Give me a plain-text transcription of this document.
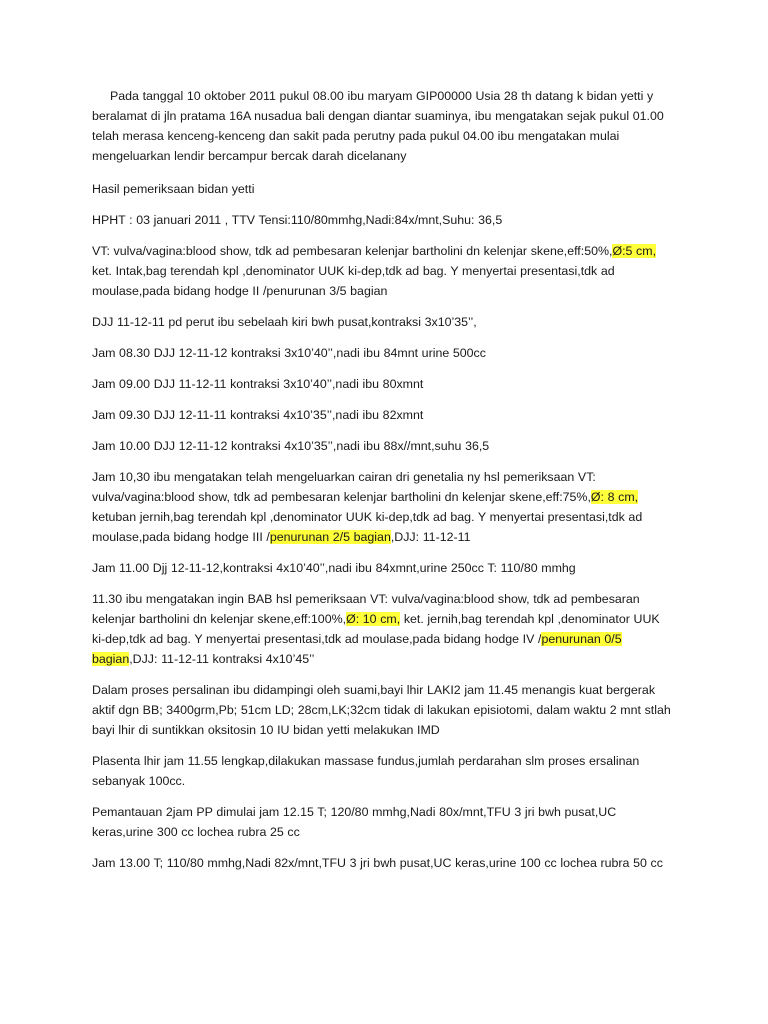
Pada tanggal 10 oktober 2011 pukul 08.00 ibu maryam GIP00000 Usia 28 th datang k bidan yetti y beralamat di jln pratama 16A nusadua bali dengan diantar suaminya, ibu mengatakan sejak pukul 01.00 telah merasa kenceng-kenceng dan sakit pada perutny pada pukul 04.00 ibu mengatakan mulai mengeluarkan lendir bercampur bercak darah dicelanany

Hasil pemeriksaan bidan yetti

HPHT : 03 januari 2011 , TTV Tensi:110/80mmhg,Nadi:84x/mnt,Suhu: 36,5

VT: vulva/vagina:blood show, tdk ad pembesaran kelenjar bartholini dn kelenjar skene,eff:50%,Ø:5 cm, ket. Intak,bag terendah kpl ,denominator UUK ki-dep,tdk ad bag. Y menyertai presentasi,tdk ad moulase,pada bidang hodge II /penurunan 3/5 bagian

DJJ 11-12-11 pd perut ibu sebelaah kiri bwh pusat,kontraksi 3x10’35’’,

Jam 08.30 DJJ 12-11-12 kontraksi 3x10’40’’,nadi ibu 84mnt urine 500cc

Jam 09.00 DJJ 11-12-11 kontraksi 3x10’40’’,nadi ibu 80xmnt

Jam 09.30 DJJ 12-11-11 kontraksi 4x10’35’’,nadi ibu 82xmnt

Jam 10.00 DJJ 12-11-12 kontraksi 4x10’35’’,nadi ibu 88x//mnt,suhu 36,5

Jam 10,30 ibu mengatakan telah mengeluarkan cairan dri genetalia ny hsl pemeriksaan VT: vulva/vagina:blood show, tdk ad pembesaran kelenjar bartholini dn kelenjar skene,eff:75%,Ø: 8 cm, ketuban jernih,bag terendah kpl ,denominator UUK ki-dep,tdk ad bag. Y menyertai presentasi,tdk ad moulase,pada bidang hodge III /penurunan 2/5 bagian,DJJ: 11-12-11

Jam 11.00 Djj 12-11-12,kontraksi 4x10’40’’,nadi ibu 84xmnt,urine 250cc T: 110/80 mmhg

11.30 ibu mengatakan ingin BAB hsl pemeriksaan VT: vulva/vagina:blood show, tdk ad pembesaran kelenjar bartholini dn kelenjar skene,eff:100%,Ø: 10 cm, ket. jernih,bag terendah kpl ,denominator UUK ki-dep,tdk ad bag. Y menyertai presentasi,tdk ad moulase,pada bidang hodge IV /penurunan 0/5 bagian,DJJ: 11-12-11 kontraksi 4x10’45’’

Dalam proses persalinan ibu didampingi oleh suami,bayi lhir LAKI2 jam 11.45 menangis kuat bergerak aktif dgn BB; 3400grm,Pb; 51cm LD; 28cm,LK;32cm tidak di lakukan episiotomi, dalam waktu 2 mnt stlah bayi lhir di suntikkan oksitosin 10 IU bidan yetti melakukan IMD

Plasenta lhir jam 11.55 lengkap,dilakukan massase fundus,jumlah perdarahan slm proses ersalinan sebanyak 100cc.

Pemantauan 2jam PP dimulai jam 12.15 T; 120/80 mmhg,Nadi 80x/mnt,TFU 3 jri bwh pusat,UC keras,urine 300 cc lochea rubra 25 cc

Jam 13.00 T; 110/80 mmhg,Nadi 82x/mnt,TFU 3 jri bwh pusat,UC keras,urine 100 cc lochea rubra 50 cc
